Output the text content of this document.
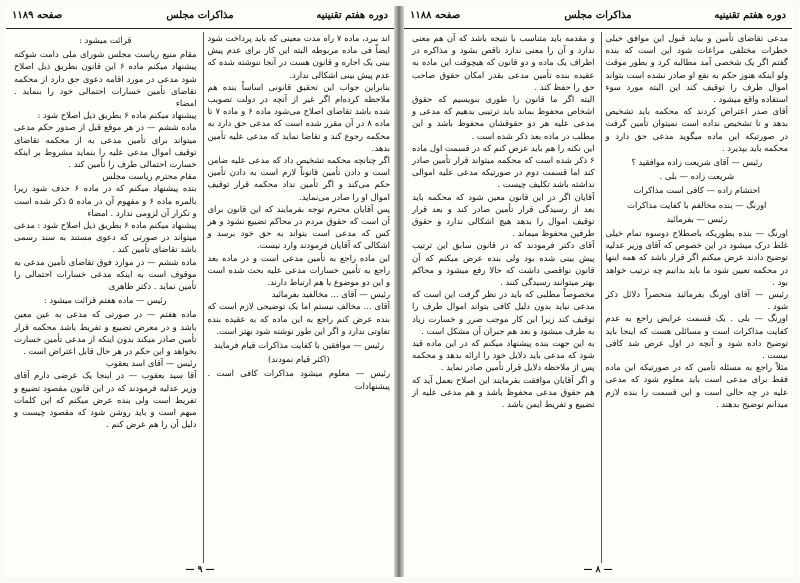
دوره هفتم تقنینیه
مذاکرات مجلس
صفحه ۱۱۸۹

اند ببرد، ماده ۷ راه مدت معینی که باید پرداخت شود ایضاً فی ماده مربوطه البته این کار برای عدم پیش بینی یک اجاره و قانون هست در آنجا ننوشته شده که عدم پیش بینی اشکالی ندارد.

بنابراین جواب این تحقیق قانونی اساساً بنده هم ملاحظه کرده‌ام اگر غیر از آنچه در دولت تصویب شده باشد تقاضای اصلاح می‌شود ماده ۶ و ماده ۷ تا ماده ۸ در آن مقرر شده است که مدعی حق دارد به محکمه رجوع کند و تقاضا نماید که مدعی علیه تأمین بدهد.

اگر چنانچه محکمه تشخیص داد که مدعی علیه ضامن است و دادن تأمین قانوناً لازم است به دادن تأمین حکم می‌کند و اگر تأمین نداد محکمه قرار توقیف اموال او را صادر می‌نماید.

پس آقایان محترم توجه بفرمایند که این قانون برای آن است که حقوق مردم در محاکم تضییع نشود و هر کس که مدعی است بتواند به حق خود برسد و اشکالی که آقایان فرمودند وارد نیست.

این ماده راجع به تأمین مدعی است و در ماده بعد راجع به تأمین خسارات مدعی علیه بحث شده است و این دو موضوع با هم ارتباط دارند.

رئیس — آقای ... مخالفید بفرمائید

آقای ... مخالف نیستم اما یک توضیحی لازم است که بنده عرض کنم راجع به این ماده که به عقیده بنده تفاوتی ندارد و اگر این طور نوشته شود بهتر است.

رئیس — موافقین با کفایت مذاکرات قیام فرمایند

(اکثر قیام نمودند)

رئیس — معلوم میشود مذاکرات کافی است . پیشنهادات

قرائت میشود :

مقام منیع ریاست مجلس شورای ملی دامت شوکته پیشنهاد میکنم ماده ۶ این قانون بطریق ذیل اصلاح شود مدعی در مورد اقامه دعوی حق دارد از محکمه تقاضای تأمین خسارات احتمالی خود را بنماید . امضاء

پیشنهاد میکنم ماده ۶ بطریق ذیل اصلاح شود :

ماده ششم — در هر موقع قبل از صدور حکم مدعی میتواند برای تأمین مدعی به از محکمه تقاضای توقیف اموال مدعی علیه را بنماید مشروط بر اینکه خسارت احتمالی طرف را تأمین کند .

مقام محترم ریاست مجلس

بنده پیشنهاد میکنم که در ماده ۶ حذف شود زیرا بالمره ماده ۶ و مفهوم آن در ماده ۵ ذکر شده است و تکرار آن لزومی ندارد . امضاء

پیشنهاد میکنم ماده ۶ بطریق ذیل اصلاح شود : مدعی میتواند در صورتی که دعوی مستند به سند رسمی باشد تقاضای تأمین کند .

ماده ششم — در موارد فوق تقاضای تأمین مدعی به موقوف است به اینکه مدعی خسارات احتمالی را تأمین نماید . دکتر طاهری

رئیس — ماده هفتم قرائت میشود :

ماده هفتم — در صورتی که مدعی به عین معین باشد و در معرض تضییع و تفریط باشد محکمه قرار تأمین صادر میکند بدون اینکه از مدعی تأمین خسارت بخواهد و این حکم در هر حال قابل اعتراض است .

رئیس — آقای اسد یعقوب

آقا سید یعقوب — در اینجا یک عرضی دارم آقای وزیر عدلیه فرمودند که در این قانون مقصود تضییع و تفریط است ولی بنده عرض میکنم که این کلمات مبهم است و باید روشن شود که مقصود چیست و دلیل آن را هم عرض کنم .

— ۹ —
دوره هفتم تقنینیه
مذاکرات مجلس
صفحه ۱۱۸۸

مدعی تقاضای تأمین و بیاید قبول این موافق خیلی خطرات مختلفی مراعات شود این است که بنده گفتم اگر یک شخصی آمد مطالبه کرد و بطور موقت ولو اینکه هنوز حکم به نفع او صادر نشده است بتواند اموال طرف را توقیف کند این البته مورد سوء استفاده واقع میشود .

آقای صدر اعتراض کردند که محکمه باید تشخیص بدهد و تا تشخیص نداده است نمیتوان تأمین گرفت در صورتیکه این ماده میگوید مدعی حق دارد و محکمه باید بپذیرد .

رئیس — آقای شریعت زاده موافقید ؟

شریعت زاده — بلی .

احتشام زاده — کافی است مذاکرات

اورنگ — بنده مخالفم با کفایت مذاکرات

رئیس — بفرمائید

اورنگ — بنده بطوریکه باصطلاح دوسوه تمام خیلی غلط درک میشود در این خصوص که آقای وزیر عدلیه توضیح دادند عرض میکنم اگر قرار باشد که همه اینها در محکمه تعیین شود ما باید بدانیم چه ترتیب خواهد بود .

رئیس — آقای اورنگ بفرمائید منحصراً دلائل ذکر شود .

اورنگ — بلی . یک قسمت عرایض راجع به عدم کفایت مذاکرات است و مسائلی هست که اینجا باید توضیح داده شود و آنچه در اول عرض شد کافی نیست .

مثلاً راجع به مسئله تأمین که در صورتیکه این ماده فقط برای مدعی است باید معلوم شود که مدعی علیه در چه حالی است و این قسمت را بنده لازم میدانم توضیح بدهند .

و مقدمه باید متناسب با نتیجه باشد که آن هم معنی ندارد و آن را معنی ندارد ناقص بشود و مذاکره در اطراف یک ماده و دو قانون که هیچوقت این ماده به عقیده بنده تأمین مدعی بقدر امکان حقوق صاحب حق را حفظ کند .

البته اگر ما قانون را طوری بنویسیم که حقوق اشخاص محفوظ بماند باید ترتیبی بدهیم که مدعی و مدعی علیه هر دو حقوقشان محفوظ باشد و این مطلب در ماده بعد ذکر شده است .

این نکته را هم باید عرض کنم که در قسمت اول ماده ۶ ذکر شده است که محکمه میتواند قرار تأمین صادر کند اما قسمت دوم در صورتیکه مدعی علیه اموالی نداشته باشد تکلیف چیست .

آقایان اگر در این قانون معین شود که محکمه باید بعد از رسیدگی قرار تأمین صادر کند و بعد قرار توقیف اموال را بدهد هیچ اشکالی ندارد و حقوق طرفین محفوظ میماند .

آقای دکتر فرمودند که در قانون سابق این ترتیب پیش بینی شده بود ولی بنده عرض میکنم که آن قانون نواقصی داشت که حالا رفع میشود و محاکم بهتر میتوانند رسیدگی کنند .

مخصوصاً مطلبی که باید در نظر گرفت این است که مدعی نباید بدون دلیل کافی بتواند اموال طرف را توقیف کند زیرا این کار موجب ضرر و خسارت زیاد به طرف میشود و بعد هم جبران آن مشکل است .

به این جهت بنده پیشنهاد میکنم که در این ماده قید شود که مدعی باید دلایل خود را ارائه بدهد و محکمه پس از ملاحظه دلایل قرار تأمین صادر نماید .

و اگر آقایان موافقت بفرمایند این اصلاح بعمل آید که هم حقوق مدعی محفوظ باشد و هم مدعی علیه از تضییع و تفریط ایمن باشد .

— ۸ —
